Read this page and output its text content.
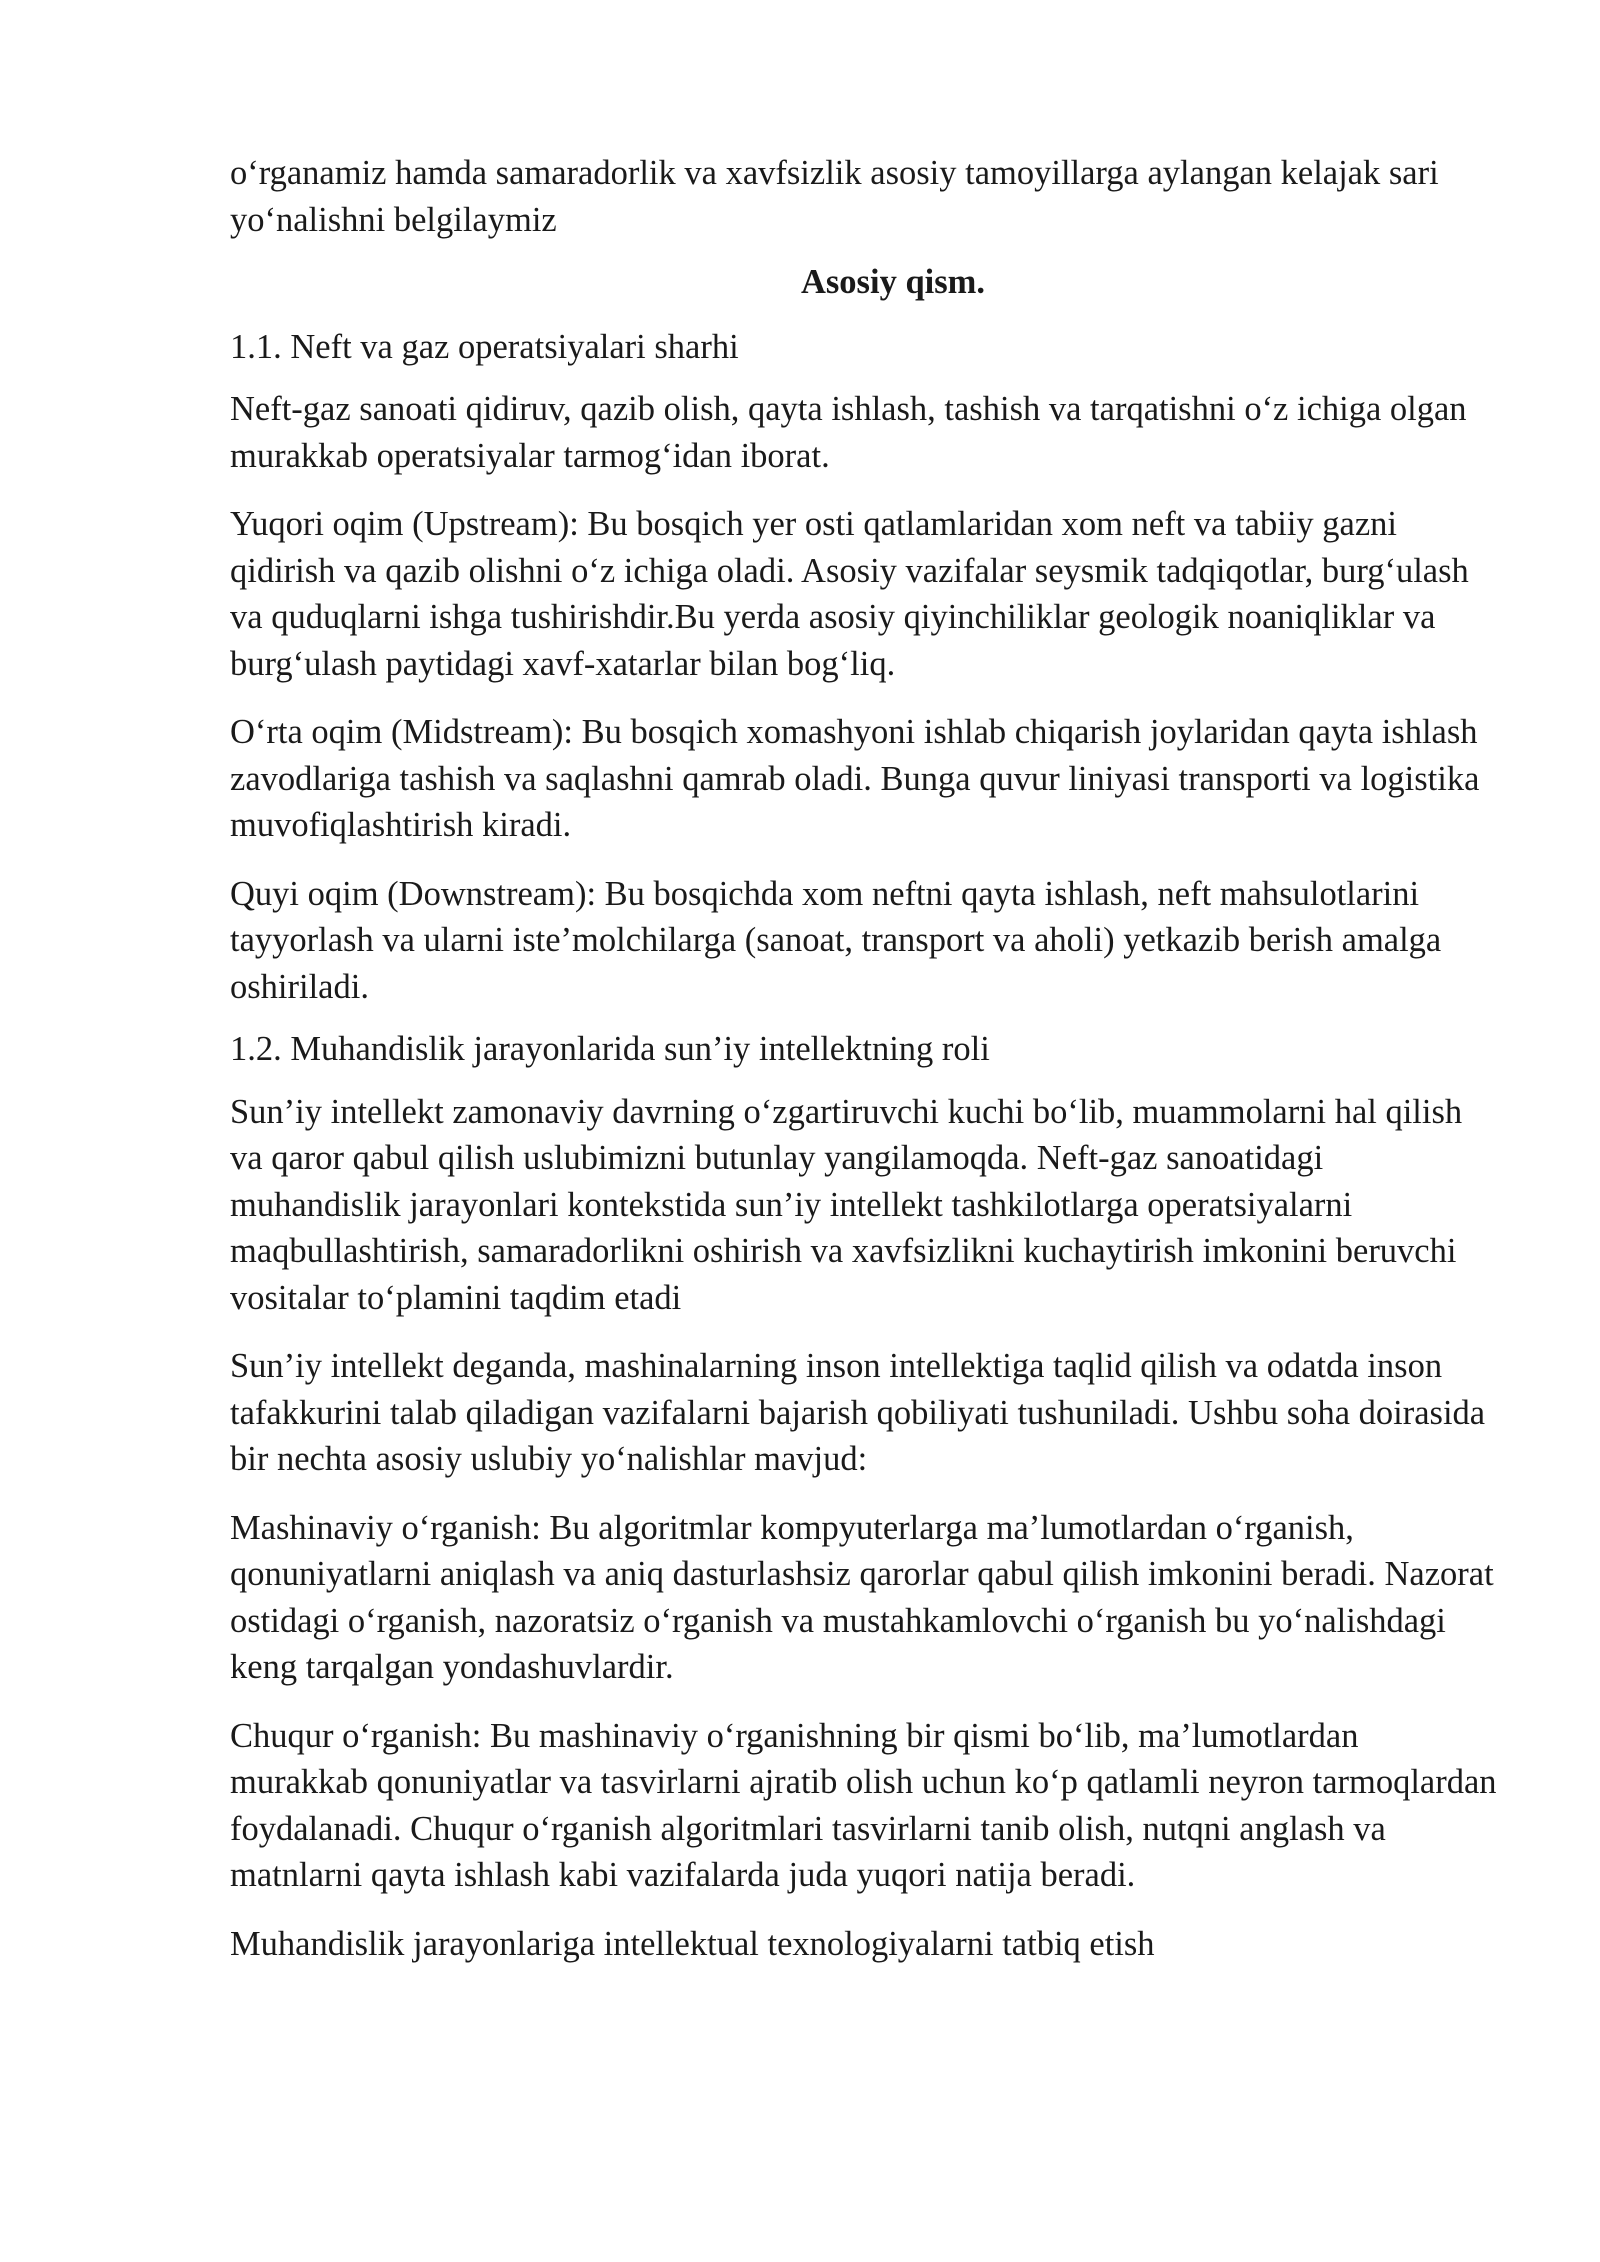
o‘rganamiz hamda samaradorlik va xavfsizlik asosiy tamoyillarga aylangan kelajak sari yo‘nalishni belgilaymiz

Asosiy qism.

1.1. Neft va gaz operatsiyalari sharhi

Neft-gaz sanoati qidiruv, qazib olish, qayta ishlash, tashish va tarqatishni o‘z ichiga olgan murakkab operatsiyalar tarmog‘idan iborat.

Yuqori oqim (Upstream): Bu bosqich yer osti qatlamlaridan xom neft va tabiiy gazni qidirish va qazib olishni o‘z ichiga oladi. Asosiy vazifalar seysmik tadqiqotlar, burg‘ulash va quduqlarni ishga tushirishdir.Bu yerda asosiy qiyinchiliklar geologik noaniqliklar va burg‘ulash paytidagi xavf-xatarlar bilan bog‘liq.

O‘rta oqim (Midstream): Bu bosqich xomashyoni ishlab chiqarish joylaridan qayta ishlash zavodlariga tashish va saqlashni qamrab oladi. Bunga quvur liniyasi transporti va logistika muvofiqlashtirish kiradi.

Quyi oqim (Downstream): Bu bosqichda xom neftni qayta ishlash, neft mahsulotlarini tayyorlash va ularni iste’molchilarga (sanoat, transport va aholi) yetkazib berish amalga oshiriladi.

1.2. Muhandislik jarayonlarida sun’iy intellektning roli

Sun’iy intellekt zamonaviy davrning o‘zgartiruvchi kuchi bo‘lib, muammolarni hal qilish va qaror qabul qilish uslubimizni butunlay yangilamoqda. Neft-gaz sanoatidagi muhandislik jarayonlari kontekstida sun’iy intellekt tashkilotlarga operatsiyalarni maqbullashtirish, samaradorlikni oshirish va xavfsizlikni kuchaytirish imkonini beruvchi vositalar to‘plamini taqdim etadi

Sun’iy intellekt deganda, mashinalarning inson intellektiga taqlid qilish va odatda inson tafakkurini talab qiladigan vazifalarni bajarish qobiliyati tushuniladi. Ushbu soha doirasida bir nechta asosiy uslubiy yo‘nalishlar mavjud:

Mashinaviy o‘rganish: Bu algoritmlar kompyuterlarga ma’lumotlardan o‘rganish, qonuniyatlarni aniqlash va aniq dasturlashsiz qarorlar qabul qilish imkonini beradi. Nazorat ostidagi o‘rganish, nazoratsiz o‘rganish va mustahkamlovchi o‘rganish bu yo‘nalishdagi keng tarqalgan yondashuvlardir.

Chuqur o‘rganish: Bu mashinaviy o‘rganishning bir qismi bo‘lib, ma’lumotlardan murakkab qonuniyatlar va tasvirlarni ajratib olish uchun ko‘p qatlamli neyron tarmoqlardan foydalanadi. Chuqur o‘rganish algoritmlari tasvirlarni tanib olish, nutqni anglash va matnlarni qayta ishlash kabi vazifalarda juda yuqori natija beradi.

Muhandislik jarayonlariga intellektual texnologiyalarni tatbiq etish
